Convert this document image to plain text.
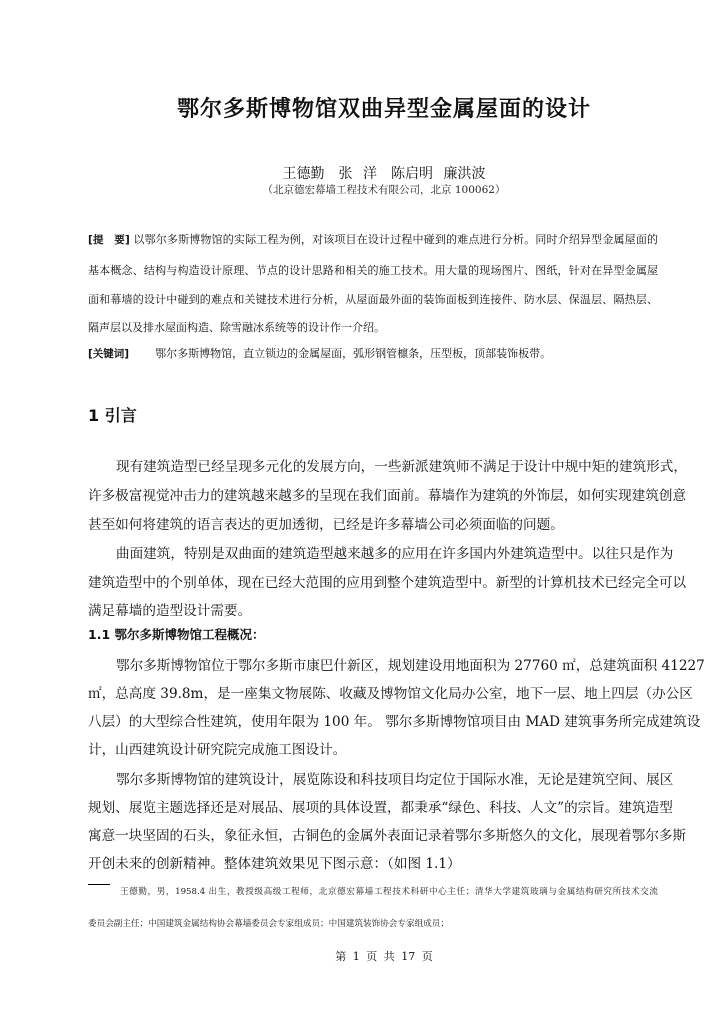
鄂尔多斯博物馆双曲异型金属屋面的设计
王德勤　张 洋　陈启明 廉洪波
（北京德宏幕墙工程技术有限公司，北京 100062）
[提　要] 以鄂尔多斯博物馆的实际工程为例，对该项目在设计过程中碰到的难点进行分析。同时介绍异型金属屋面的
基本概念、结构与构造设计原理、节点的设计思路和相关的施工技术。用大量的现场图片、图纸，针对在异型金属屋
面和幕墙的设计中碰到的难点和关键技术进行分析，从屋面最外面的装饰面板到连接件、防水层、保温层、隔热层、
隔声层以及排水屋面构造、除雪融冰系统等的设计作一介绍。
[关键词] 鄂尔多斯博物馆，直立锁边的金属屋面，弧形钢管檩条，压型板，顶部装饰板带。
1 引言
现有建筑造型已经呈现多元化的发展方向，一些新派建筑师不满足于设计中规中矩的建筑形式，
许多极富视觉冲击力的建筑越来越多的呈现在我们面前。幕墙作为建筑的外饰层，如何实现建筑创意
甚至如何将建筑的语言表达的更加透彻，已经是许多幕墙公司必须面临的问题。
曲面建筑，特别是双曲面的建筑造型越来越多的应用在许多国内外建筑造型中。以往只是作为
建筑造型中的个别单体，现在已经大范围的应用到整个建筑造型中。新型的计算机技术已经完全可以
满足幕墙的造型设计需要。
1.1 鄂尔多斯博物馆工程概况：
鄂尔多斯博物馆位于鄂尔多斯市康巴什新区，规划建设用地面积为 27760 ㎡，总建筑面积 41227
㎡，总高度 39.8m，是一座集文物展陈、收藏及博物馆文化局办公室，地下一层、地上四层（办公区
八层）的大型综合性建筑，使用年限为 100 年。 鄂尔多斯博物馆项目由 MAD 建筑事务所完成建筑设
计，山西建筑设计研究院完成施工图设计。
鄂尔多斯博物馆的建筑设计，展览陈设和科技项目均定位于国际水准，无论是建筑空间、展区
规划、展览主题选择还是对展品、展项的具体设置，都秉承“绿色、科技、人文”的宗旨。建筑造型
寓意一块坚固的石头，象征永恒，古铜色的金属外表面记录着鄂尔多斯悠久的文化，展现着鄂尔多斯
开创未来的创新精神。整体建筑效果见下图示意：（如图 1.1）
王德勤，男，1958.4 出生，教授级高级工程师，北京德宏幕墙工程技术科研中心主任；清华大学建筑玻璃与金属结构研究所技术交流
委员会副主任；中国建筑金属结构协会幕墙委员会专家组成员；中国建筑装饰协会专家组成员；
第 1 页 共 17 页
